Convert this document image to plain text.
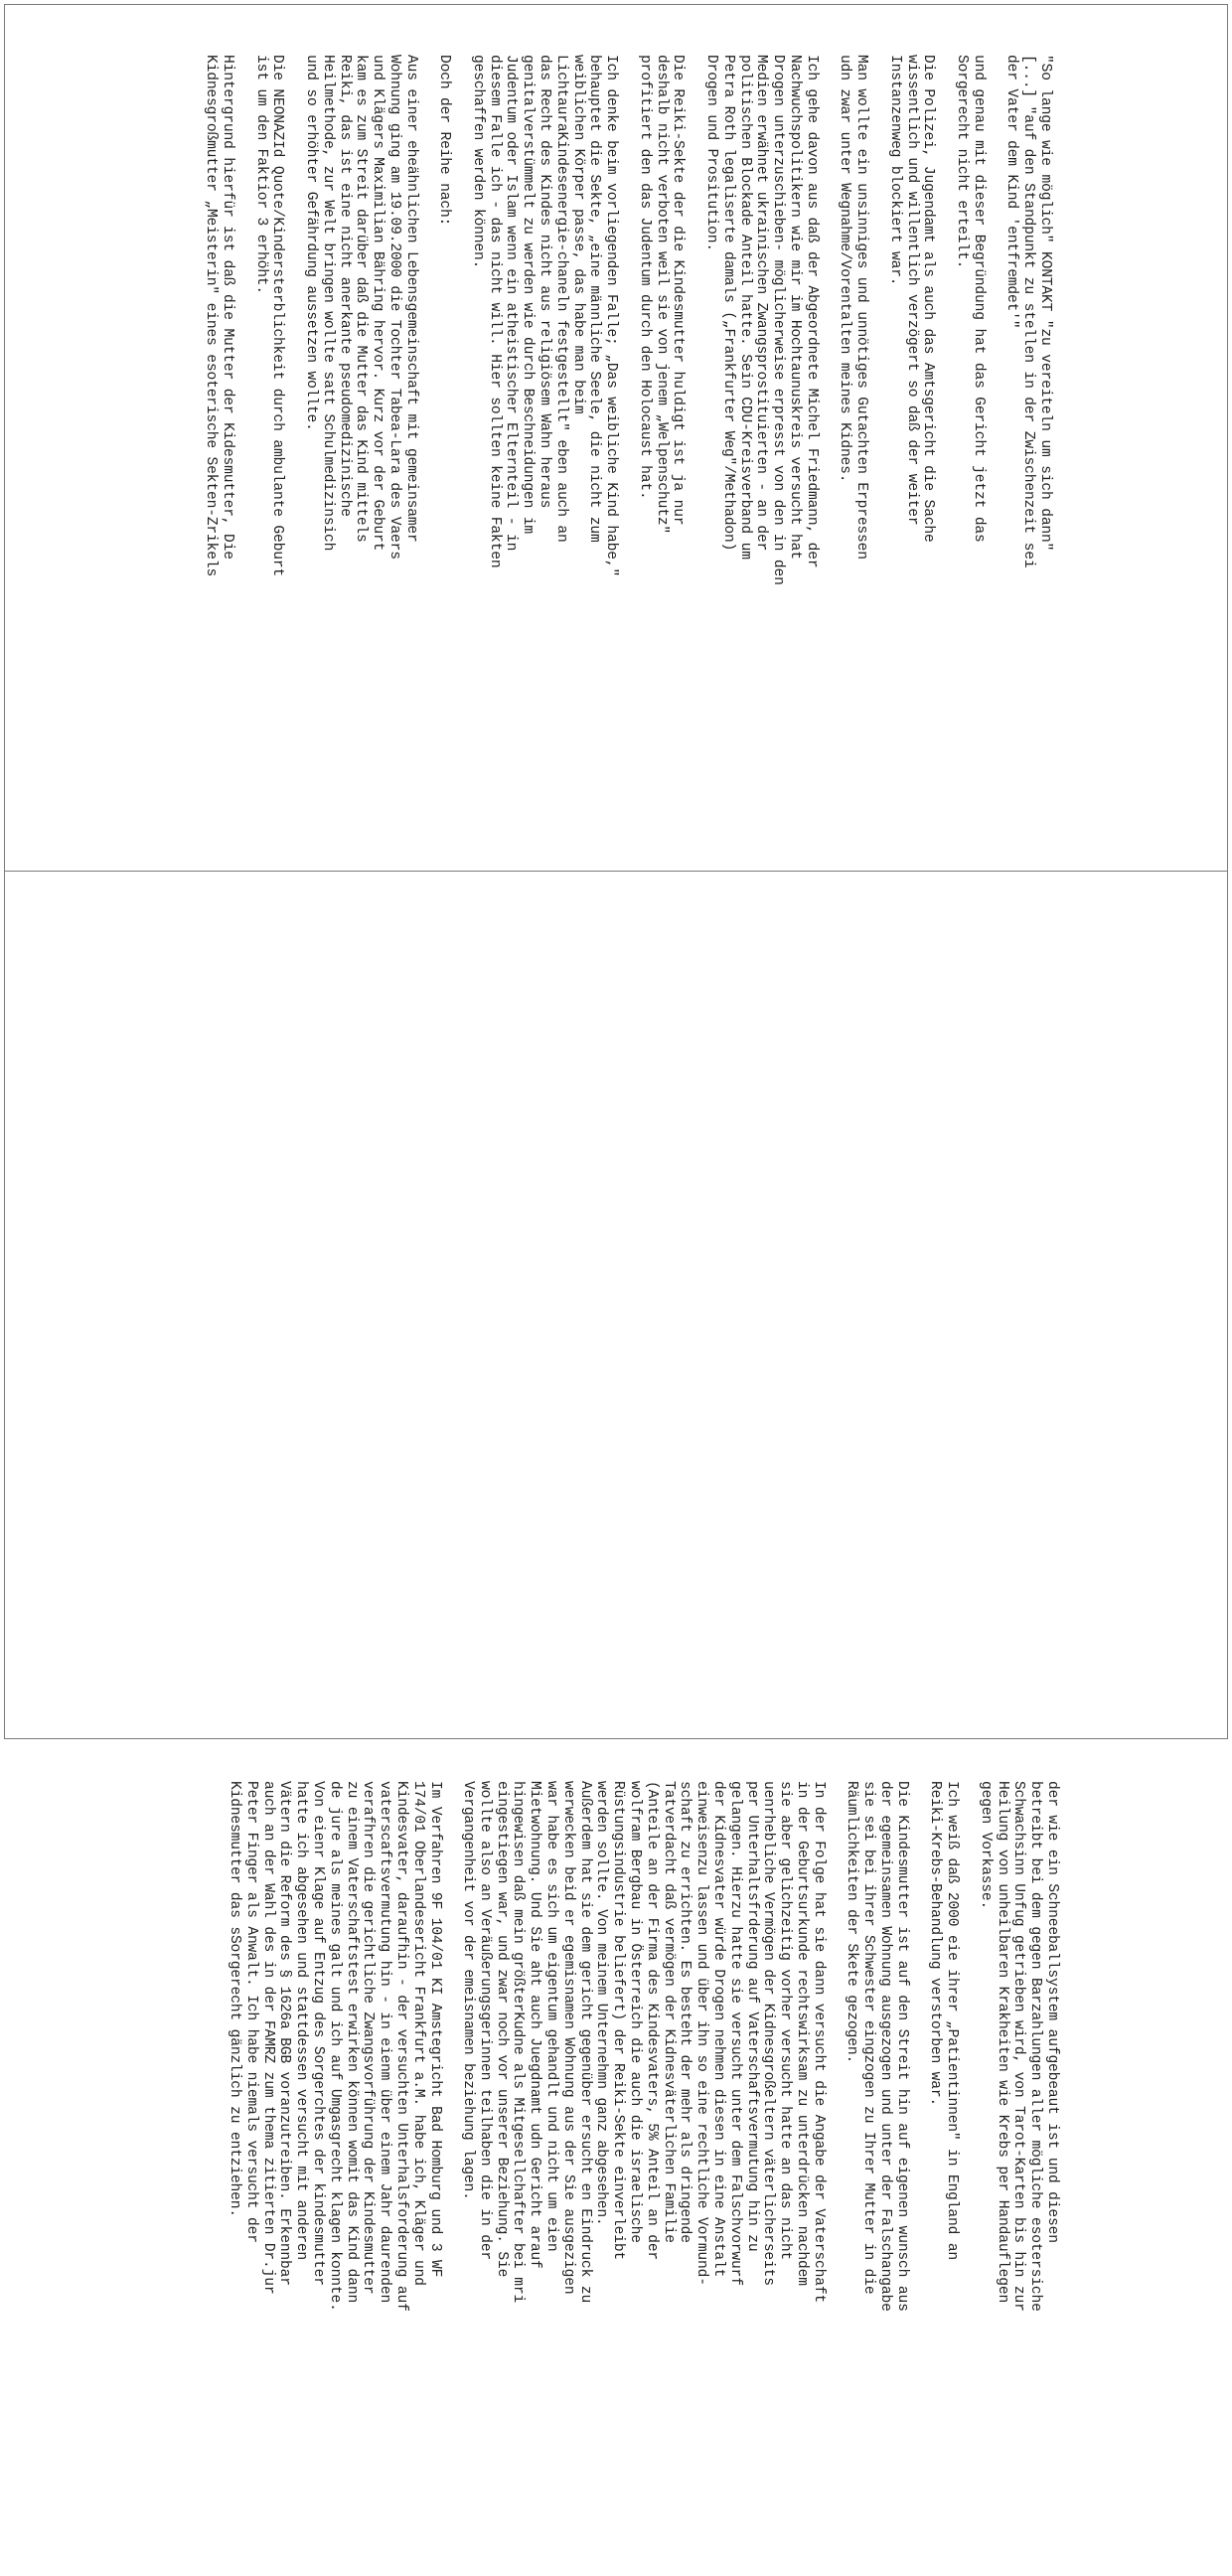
"So lange wie möglich" KONTAKT "zu vereiteln um sich dann"
[...] "auf den Standpunkt zu stellen in der Zwischenzeit sei
der Vater dem Kind 'entfremdet'"

und genau mit dieser Begründung hat das Gericht jetzt das
Sorgerecht nicht erteilt.

Die Polizei, Jugendamt als auch das Amtsgericht die Sache
wissentlich und willentlich verzögert so daß der weiter
Instanzenweg blockiert war.

Man wollte ein unsinniges und unnötiges Gutachten Erpressen
udn zwar unter Wegnahme/Vorentalten meines Kidnes.

Ich gehe davon aus daß der Abgeordnete Michel Friedmann, der
Nachwuchspolitikern wie mir im Hochtaunuskreis versucht hat
Drogen unterzuschieben- möglicherweise erpresst von den in den
Medien erwähnet ukrainischen Zwangsprostituierten - an der
politischen Blockade Anteil hatte. Sein CDU-Kreisverband um
Petra Roth legaliserte damals („Frankfurter Weg"/Methadon)
Drogen und Prositution.

Die Reiki-Sekte der die Kindesmutter huldigt ist ja nur
deshalb nicht verboten weil sie von jenem „Welpenschutz"
profitiert den das Judentum durch den Holocaust hat.

Ich denke beim vorliegenden Falle; „Das weibliche Kind habe,"
behauptet die Sekte, „eine männliche Seele, die nicht zum
weiblichen Körper passe, das habe man beim
LichtauraKindesenergie-chaneln festgestellt" eben auch an
das Recht des Kindes nicht aus religiösem Wahn heraus
genitalverstümmelt zu werden wie durch Beschneidungen im
Judentum oder Islam wenn ein atheistischer Elternteil - in
diesem Falle ich - das nicht will. Hier sollten keine Fakten
geschaffen werden können.

Doch der Reihe nach:

Aus einer eheähnlichen Lebensgemeinschaft mit gemeinsamer
Wohnung ging am 19.09.2000 die Tochter Tabea-Lara des Vaers
und Klägers Maximilian Bähring hervor. Kurz vor der Geburt
kam es zum Streit darüber daß die Mutter das Kind mittels
Reiki, das ist eine nicht anerkante pseudomedizinische
Heilmethode, zur Welt bringen wollte satt Schulmedizinsich
und so erhöhter Gefährdung aussetzen wollte.

Die NEONAZId Quote/Kindersterblichkeit durch ambulante Geburt
ist um den Faktior 3 erhöht.

Hintergrund hierfür ist daß die Mutter der Kidesmutter, Die
Kidnesgroßmutter „Meisterin" eines esoterische Sekten-Zrikels

der wie ein Schneeballsystem aufgebeaut ist und diesen
betreibt bei dem gegen Barzahlungen aller mögliche esotersiche
Schwachsinn Unfug getrieben wird, von Tarot-Karten bis hin zur
Heilung von unheilbaren Krakheiten wie Krebs per Handauflegen
gegen Vorkasse.

Ich weiß daß 2000 eie ihrer „Patientinnen" in England an
Reiki-Krebs-Behandlung verstorben war.

Die Kindesmutter ist auf den Streit hin auf eigenen wunsch aus
der egemeinsamen Wohnung ausgezogen und unter der Falschangabe
sie sei bei ihrer Schwester eingzogen zu Ihrer Mutter in die
Räumlichkeiten der Skete gezogen.

In der Folge hat sie dann versucht die Angabe der Vaterschaft
in der Geburtsurkunde rechtswirksam zu unterdrücken nachdem
sie aber gelichzeitig vorher versucht hatte an das nicht
uenrhebliche Vermögen der Kidnesgroßeltern väterlicherseits
per Unterhaltsfrderung auf Vaterschaftsvermutung hin zu
gelangen. Hierzu hatte sie versucht unter dem Falschvorwurf
der Kidnesvater würde Drogen nehmen diesen in eine Anstalt
einweisenzu lassen und über ihn so eine rechtliche Vormund-
schaft zu errichten. Es besteht der mehr als dringende
Tatverdacht daß vermögen der Kidnesväterlichen Familie
(Anteile an der Firma des Kindesvaters, 5% Anteil an der
wolfram Bergbau in Österreich die auch die israelische
Rüstungsindustrie beliefert) der Reiki-Sekte einverleibt
werden sollte. Von meinem Unternehmn ganz abgesehen.
Außerdem hat sie dem gericht gegenüber ersucht en Eindruck zu
werwecken beid er egemisnamen Wohnung aus der Sie ausgezigen
war habe es sich um eigentum gehandlt und nicht um eien
Mietwohnung. Und Sie aht auch Juegdnamt udn Gericht arauf
hingewisen daß mein größterKudne als Mitgesellchafter bei mri
eingestiegen war, und zwar noch vor unserer Beziehung. Sie
wollte also an Veräußerungsgerinnen teilhaben die in der
Vergangenheit vor der emeisnamen beziehung lagen.

Im Verfahren 9F 104/01 KI Amstegricht Bad Homburg und 3 WF
174/01 Oberlandesericht Frankfurt a.M. habe ich, Kläger und
Kindesvater, daraufhin - der versuchten Unterhalsforderung auf
vaterscaftsvermutung hin - in eienm über einem Jahr daurenden
verafhren die gerichtliche Zwangsvorführung der Kindesmutter
zu einem Vaterschaftstest erwirken können womit das Kind dann
de jure als meines galt und ich auf Umgasgrecht klagen konnte.
Von eienr Klage auf Entzug des Sorgerchtes der kindesmutter
hatte ich abgesehen und stattdessen versucht mit anderen
Vätern die Reform des § 1626a BGB voranzutreiben. Erkennbar
auch an der Wahl des in der FAMRZ zum thema zitierten Dr.jur
Peter Finger als Anwalt. Ich habe niemals versucht der
Kidnesmutter das sSorgerecht gänzlich zu entziehen.
